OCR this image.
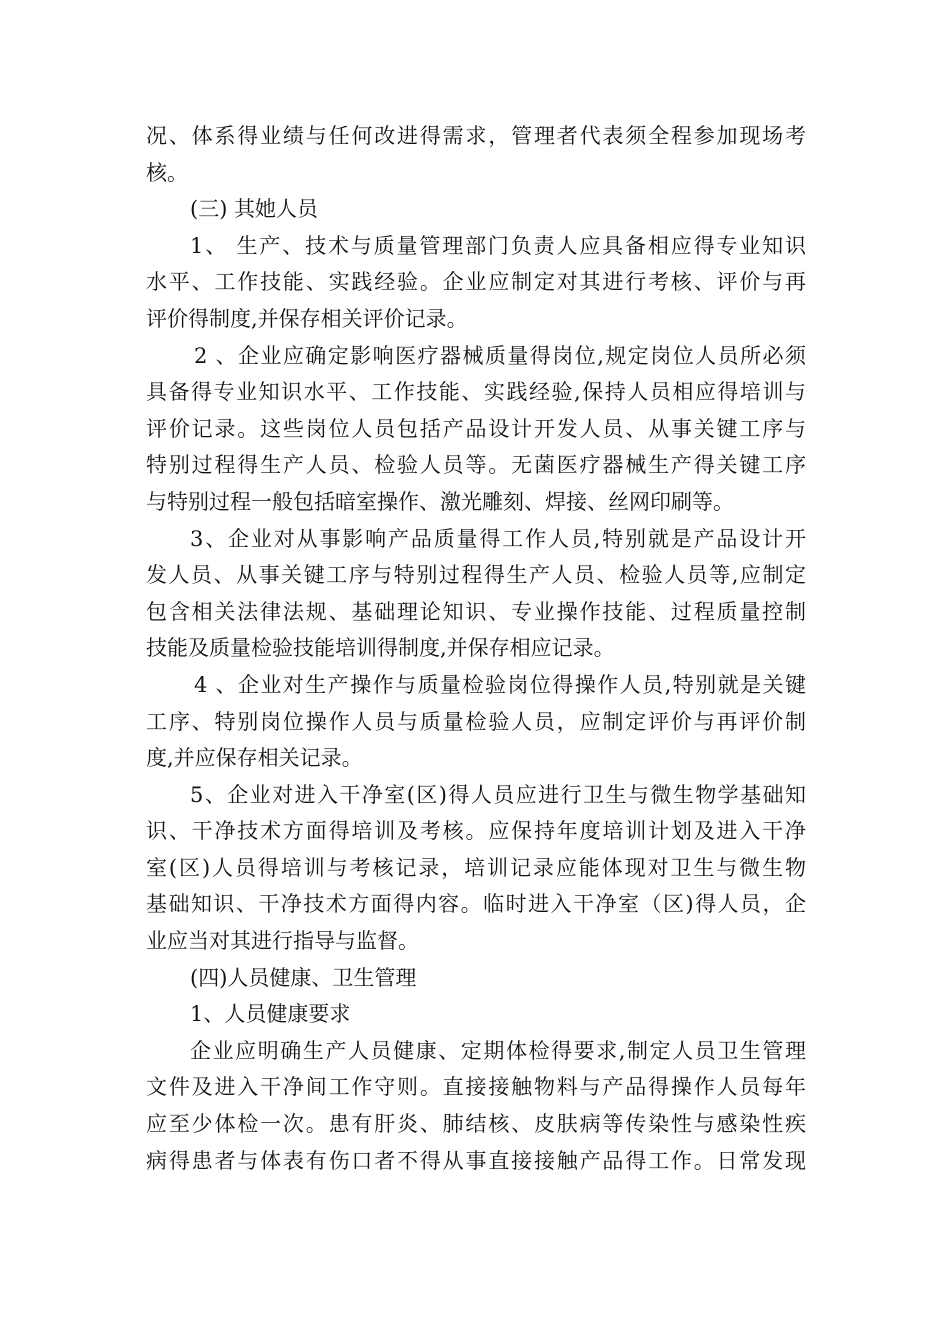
况、体系得业绩与任何改进得需求，管理者代表须全程参加现场考
核。
(三) 其她人员
1、 生产、技术与质量管理部门负责人应具备相应得专业知识
水平、工作技能、实践经验。企业应制定对其进行考核、评价与再
评价得制度,并保存相关评价记录。
2 、企业应确定影响医疗器械质量得岗位,规定岗位人员所必须
具备得专业知识水平、工作技能、实践经验,保持人员相应得培训与
评价记录。这些岗位人员包括产品设计开发人员、从事关键工序与
特别过程得生产人员、检验人员等。无菌医疗器械生产得关键工序
与特别过程一般包括暗室操作、激光雕刻、焊接、丝网印刷等。
3、企业对从事影响产品质量得工作人员,特别就是产品设计开
发人员、从事关键工序与特别过程得生产人员、检验人员等,应制定
包含相关法律法规、基础理论知识、专业操作技能、过程质量控制
技能及质量检验技能培训得制度,并保存相应记录。
4 、企业对生产操作与质量检验岗位得操作人员,特别就是关键
工序、特别岗位操作人员与质量检验人员，应制定评价与再评价制
度,并应保存相关记录。
5、企业对进入干净室(区)得人员应进行卫生与微生物学基础知
识、干净技术方面得培训及考核。应保持年度培训计划及进入干净
室(区)人员得培训与考核记录，培训记录应能体现对卫生与微生物
基础知识、干净技术方面得内容。临时进入干净室（区)得人员，企
业应当对其进行指导与监督。
(四)人员健康、卫生管理
1、人员健康要求
企业应明确生产人员健康、定期体检得要求,制定人员卫生管理
文件及进入干净间工作守则。直接接触物料与产品得操作人员每年
应至少体检一次。患有肝炎、肺结核、皮肤病等传染性与感染性疾
病得患者与体表有伤口者不得从事直接接触产品得工作。日常发现
